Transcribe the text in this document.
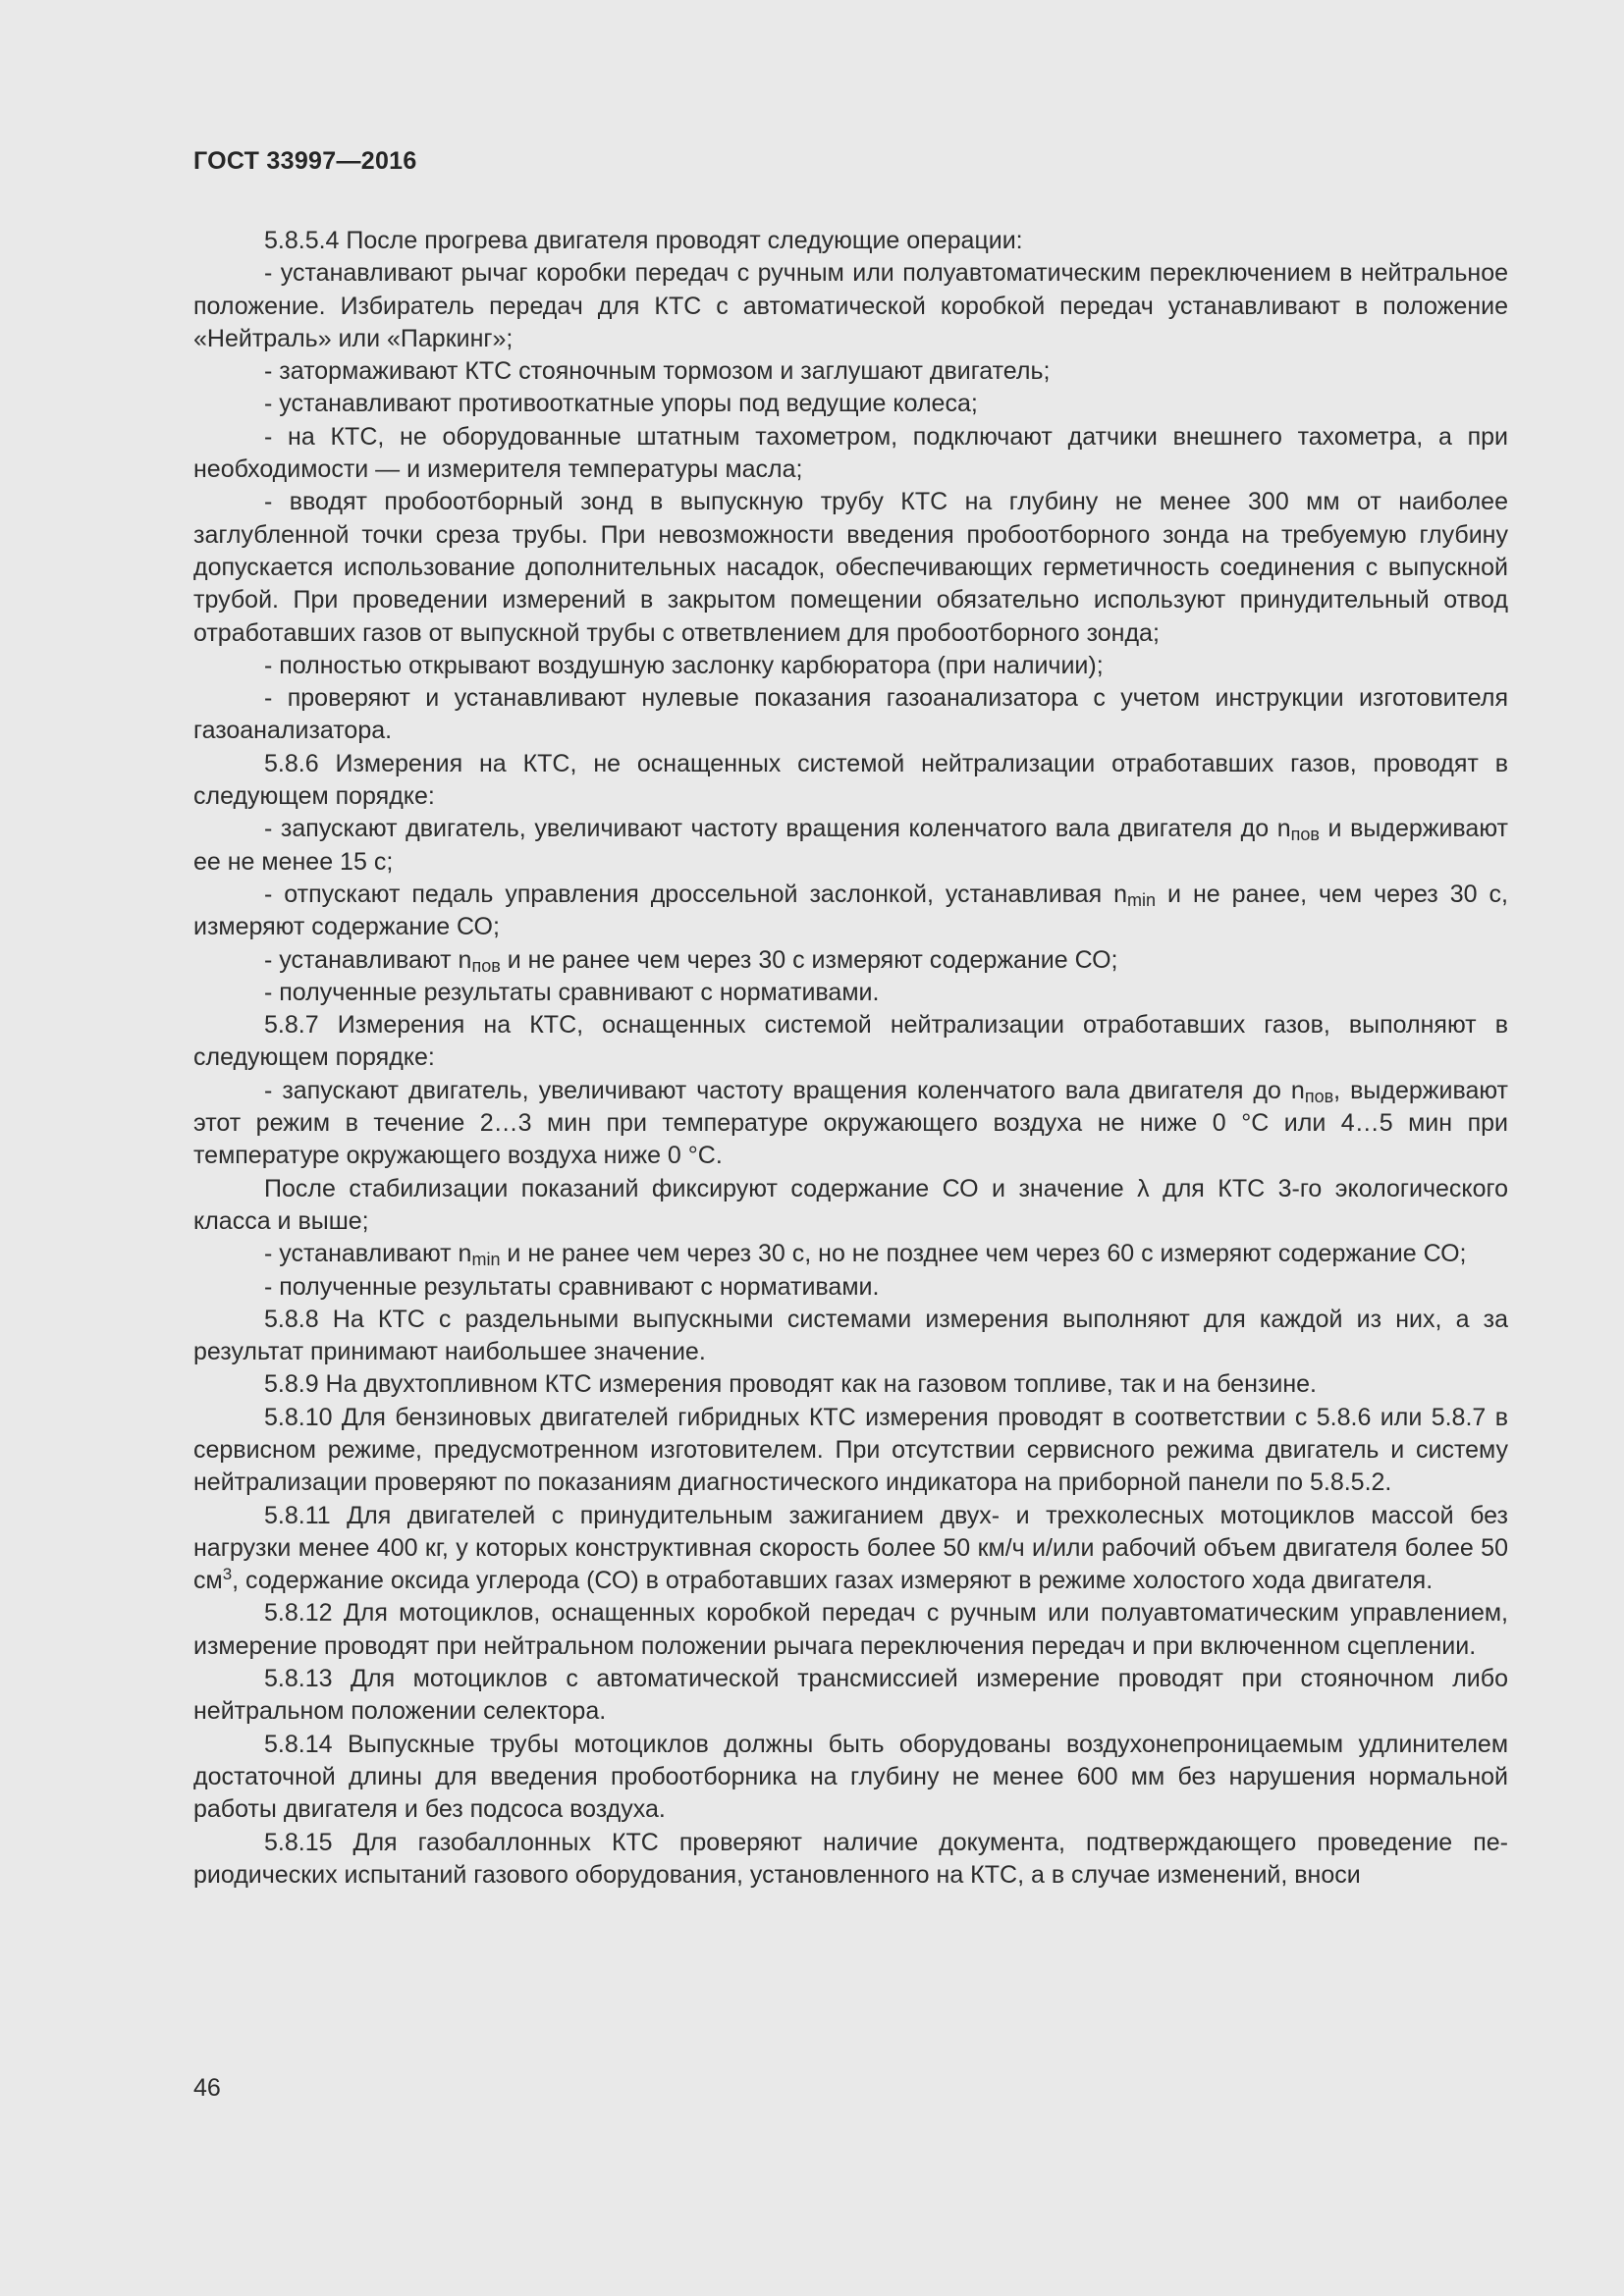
ГОСТ 33997—2016

5.8.5.4 После прогрева двигателя проводят следующие операции:

- устанавливают рычаг коробки передач с ручным или полуавтоматическим переключением в нейтральное положение. Избиратель передач для КТС с автоматической коробкой передач устанавливают в положение «Нейтраль» или «Паркинг»;

- затормаживают КТС стояночным тормозом и заглушают двигатель;

- устанавливают противооткатные упоры под ведущие колеса;

- на КТС, не оборудованные штатным тахометром, подключают датчики внешнего тахометра, а при необходимости — и измерителя температуры масла;

- вводят пробоотборный зонд в выпускную трубу КТС на глубину не менее 300 мм от наиболее заглубленной точки среза трубы. При невозможности введения пробоотборного зонда на требуемую глубину допускается использование дополнительных насадок, обеспечивающих герметичность соединения с выпускной трубой. При проведении измерений в закрытом помещении обязательно используют принудительный отвод отработавших газов от выпускной трубы с ответвлением для пробоотборного зонда;

- полностью открывают воздушную заслонку карбюратора (при наличии);

- проверяют и устанавливают нулевые показания газоанализатора с учетом инструкции изготовителя газоанализатора.

5.8.6 Измерения на КТС, не оснащенных системой нейтрализации отработавших газов, проводят в следующем порядке:

- запускают двигатель, увеличивают частоту вращения коленчатого вала двигателя до $n_{пов}$ и выдерживают ее не менее 15 с;

- отпускают педаль управления дроссельной заслонкой, устанавливая $n_{min}$ и не ранее, чем через 30 с, измеряют содержание СО;

- устанавливают $n_{пов}$ и не ранее чем через 30 с измеряют содержание СО;

- полученные результаты сравнивают с нормативами.

5.8.7 Измерения на КТС, оснащенных системой нейтрализации отработавших газов, выполняют в следующем порядке:

- запускают двигатель, увеличивают частоту вращения коленчатого вала двигателя до $n_{пов}$, выдерживают этот режим в течение 2…3 мин при температуре окружающего воздуха не ниже 0 °С или 4…5 мин при температуре окружающего воздуха ниже 0 °С.

После стабилизации показаний фиксируют содержание СО и значение λ для КТС 3-го экологического класса и выше;

- устанавливают $n_{min}$ и не ранее чем через 30 с, но не позднее чем через 60 с измеряют содержание СО;

- полученные результаты сравнивают с нормативами.

5.8.8 На КТС с раздельными выпускными системами измерения выполняют для каждой из них, а за результат принимают наибольшее значение.

5.8.9 На двухтопливном КТС измерения проводят как на газовом топливе, так и на бензине.

5.8.10 Для бензиновых двигателей гибридных КТС измерения проводят в соответствии с 5.8.6 или 5.8.7 в сервисном режиме, предусмотренном изготовителем. При отсутствии сервисного режима двигатель и систему нейтрализации проверяют по показаниям диагностического индикатора на приборной панели по 5.8.5.2.

5.8.11 Для двигателей с принудительным зажиганием двух- и трехколесных мотоциклов массой без нагрузки менее 400 кг, у которых конструктивная скорость более 50 км/ч и/или рабочий объем двигателя более 50 $см^3$, содержание оксида углерода (СО) в отработавших газах измеряют в режиме холостого хода двигателя.

5.8.12 Для мотоциклов, оснащенных коробкой передач с ручным или полуавтоматическим управлением, измерение проводят при нейтральном положении рычага переключения передач и при включенном сцеплении.

5.8.13 Для мотоциклов с автоматической трансмиссией измерение проводят при стояночном либо нейтральном положении селектора.

5.8.14 Выпускные трубы мотоциклов должны быть оборудованы воздухонепроницаемым удлинителем достаточной длины для введения пробоотборника на глубину не менее 600 мм без нарушения нормальной работы двигателя и без подсоса воздуха.

5.8.15 Для газобаллонных КТС проверяют наличие документа, подтверждающего проведение периодических испытаний газового оборудования, установленного на КТС, а в случае изменений, вноси

46
